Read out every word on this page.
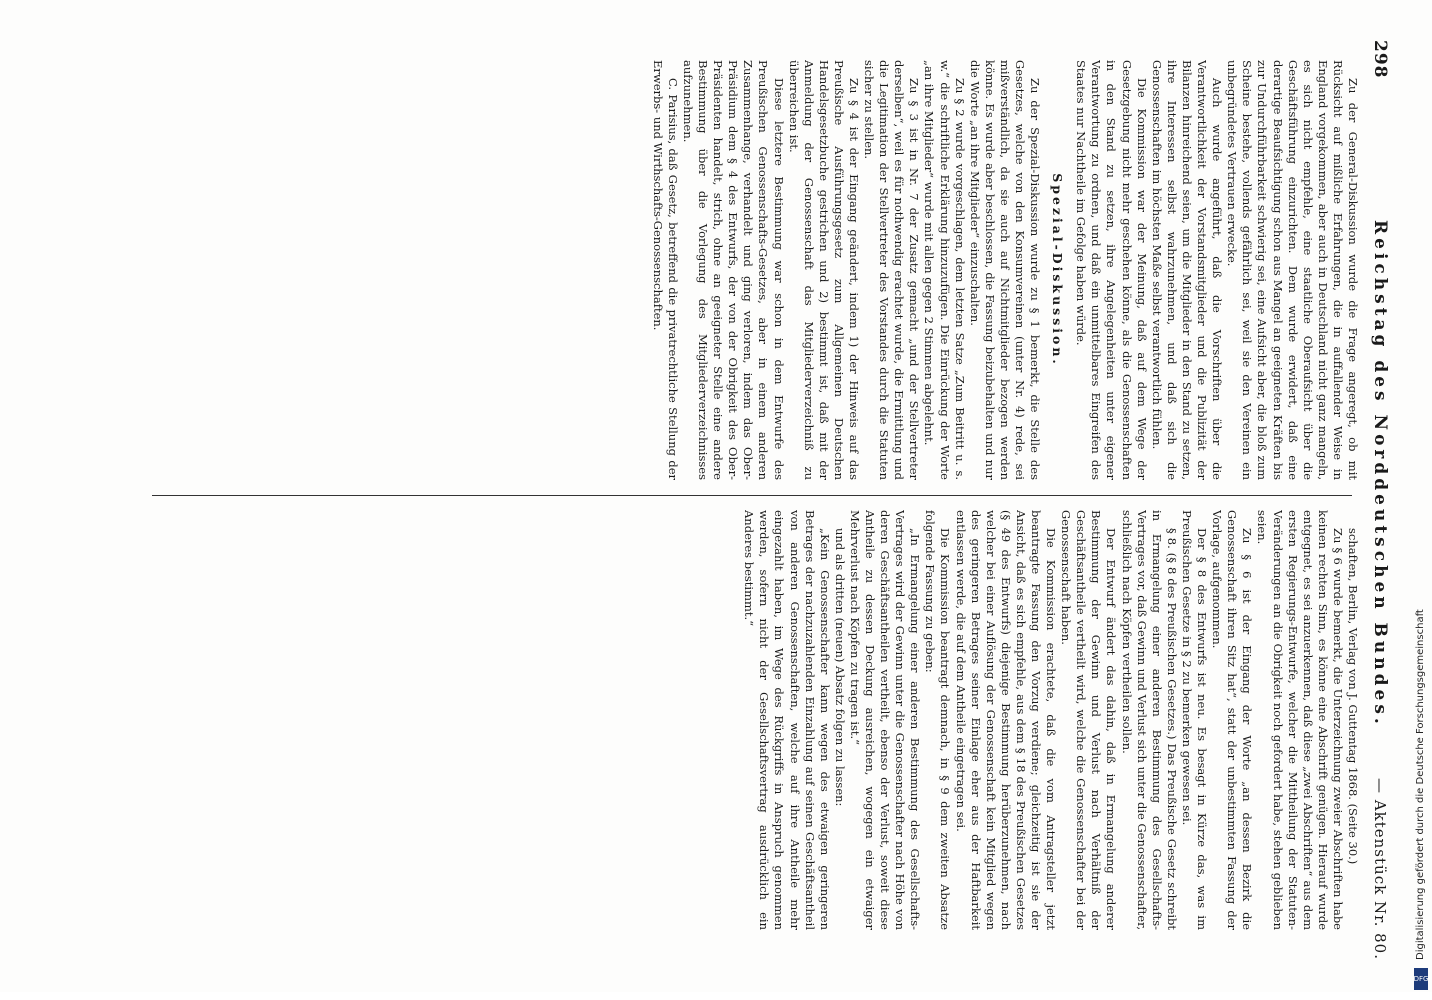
298
Reichstag des Norddeutschen Bundes.
— Aktenstück Nr. 80.

Zu der General-Diskussion wurde die Frage angeregt, ob mit Rücksicht auf mißliche Erfahrungen, die in auffallender Weise in England vorgekommen, aber auch in Deutschland nicht ganz mangeln, es sich nicht empfehle, eine staatliche Oberaufsicht über die Geschäftsführung einzurichten. Dem wurde erwidert, daß eine derartige Beaufsichtigung schon aus Mangel an geeigneten Kräften bis zur Undurchführbarkeit schwierig sei, eine Aufsicht aber, die bloß zum Scheine bestehe, vollends gefährlich sei, weil sie den Vereinen ein unbegründetes Vertrauen erwecke.

Auch wurde angeführt, daß die Vorschriften über die Verantwortlichkeit der Vorstandsmitglieder und die Publizität der Bilanzen hinreichend seien, um die Mitglieder in den Stand zu setzen, ihre Interessen selbst wahrzunehmen, und daß sich die Genossenschaften im höchsten Maße selbst verantwortlich fühlen.

Die Kommission war der Meinung, daß auf dem Wege der Gesetzgebung nicht mehr geschehen könne, als die Genossenschaften in den Stand zu setzen, ihre Angelegenheiten unter eigener Verantwortung zu ordnen, und daß ein unmittelbares Eingreifen des Staates nur Nachtheile im Gefolge haben würde.

Spezial-Diskussion.

Zu der Spezial-Diskussion wurde zu § 1 bemerkt, die Stelle des Gesetzes, welche von den Konsumvereinen (unter Nr. 4) rede, sei mißverständlich, da sie auch auf Nichtmitglieder bezogen werden könne. Es wurde aber beschlossen, die Fassung beizubehalten und nur die Worte „an ihre Mitglieder“ einzuschalten.

Zu § 2 wurde vorgeschlagen, dem letzten Satze „Zum Beitritt u. s. w.“ die schriftliche Erklärung hinzuzufügen. Die Einrückung der Worte „an ihre Mitglieder“ wurde mit allen gegen 2 Stimmen abgelehnt.

Zu § 3 ist in Nr. 7 der Zusatz gemacht „und der Stellvertreter derselben“, weil es für nothwendig erachtet wurde, die Ermittlung und die Legitimation der Stellvertreter des Vorstandes durch die Statuten sicher zu stellen.

Zu § 4 ist der Eingang geändert, indem 1) der Hinweis auf das Preußische Ausführungsgesetz zum Allgemeinen Deutschen Handelsgesetzbuche gestrichen und 2) bestimmt ist, daß mit der Anmeldung der Genossenschaft das Mitgliederverzeichniß zu überreichen ist.

Diese letztere Bestimmung war schon in dem Entwurfe des Preußischen Genossenschafts-Gesetzes, aber in einem anderen Zusammenhange, verhandelt und ging verloren, indem das Ober-Präsidium dem § 4 des Entwurfs, der von der Obrigkeit des Ober-Präsidenten handelt, strich, ohne an geeigneter Stelle eine andere Bestimmung über die Vorlegung des Mitgliederverzeichnisses aufzunehmen.

C. Parisius, daß Gesetz, betreffend die privatrechtliche Stellung der Erwerbs- und Wirthschafts-Genossenschaften.

schaften, Berlin, Verlag von J. Guttentag 1868. (Seite 30.)

Zu § 6 wurde bemerkt, die Unterzeichnung zweier Abschriften habe keinen rechten Sinn, es könne eine Abschrift genügen. Hierauf wurde entgegnet, es sei anzuerkennen, daß diese „zwei Abschriften“ aus dem ersten Regierungs-Entwurfe, welcher die Mittheilung der Statuten-Veränderungen an die Obrigkeit noch gefordert habe, stehen geblieben seien.

Zu § 6 ist der Eingang der Worte „an dessen Bezirk die Genossenschaft ihren Sitz hat“, statt der unbestimmten Fassung der Vorlage, aufgenommen.

Der § 8 des Entwurfs ist neu. Es besagt in Kürze das, was im Preußischen Gesetze in § 2 zu bemerken gewesen sei.

§ 8. (§ 8 des Preußischen Gesetzes.) Das Preußische Gesetz schreibt in Ermangelung einer anderen Bestimmung des Gesellschafts-Vertrages vor, daß Gewinn und Verlust sich unter die Genossenschafter, schließlich nach Köpfen vertheilen sollen.

Der Entwurf ändert das dahin, daß in Ermangelung anderer Bestimmung der Gewinn und Verlust nach Verhältniß der Geschäftsantheile vertheilt wird, welche die Genossenschafter bei der Genossenschaft haben.

Die Kommission erachtete, daß die vom Antragsteller jetzt beantragte Fassung den Vorzug verdiene; gleichzeitig ist sie der Ansicht, daß es sich empfehle, aus dem § 18 des Preußischen Gesetzes (§ 49 des Entwurfs) diejenige Bestimmung herüberzunehmen, nach welcher bei einer Auflösung der Genossenschaft kein Mitglied wegen des geringeren Betrages seiner Einlage eher aus der Haftbarkeit entlassen werde, die auf dem Antheile eingetragen sei.

Die Kommission beantragt demnach, in § 9 dem zweiten Absatze folgende Fassung zu geben:

„In Ermangelung einer anderen Bestimmung des Gesellschafts-Vertrages wird der Gewinn unter die Genossenschafter nach Höhe von deren Geschäftsantheilen vertheilt, ebenso der Verlust, soweit diese Antheile zu dessen Deckung ausreichen, wogegen ein etwaiger Mehrverlust nach Köpfen zu tragen ist.“

und als dritten (neuen) Absatz folgen zu lassen:

„Kein Genossenschafter kann wegen des etwaigen geringeren Betrages der nachzuzahlenden Einzahlung auf seinen Geschäftsantheil von anderen Genossenschaften, welche auf ihre Antheile mehr eingezahlt haben, im Wege des Rückgriffs in Anspruch genommen werden, sofern nicht der Gesellschaftsvertrag ausdrücklich ein Anderes bestimmt.“

Digitalisierung gefördert durch die Deutsche Forschungsgemeinschaft
DFG
